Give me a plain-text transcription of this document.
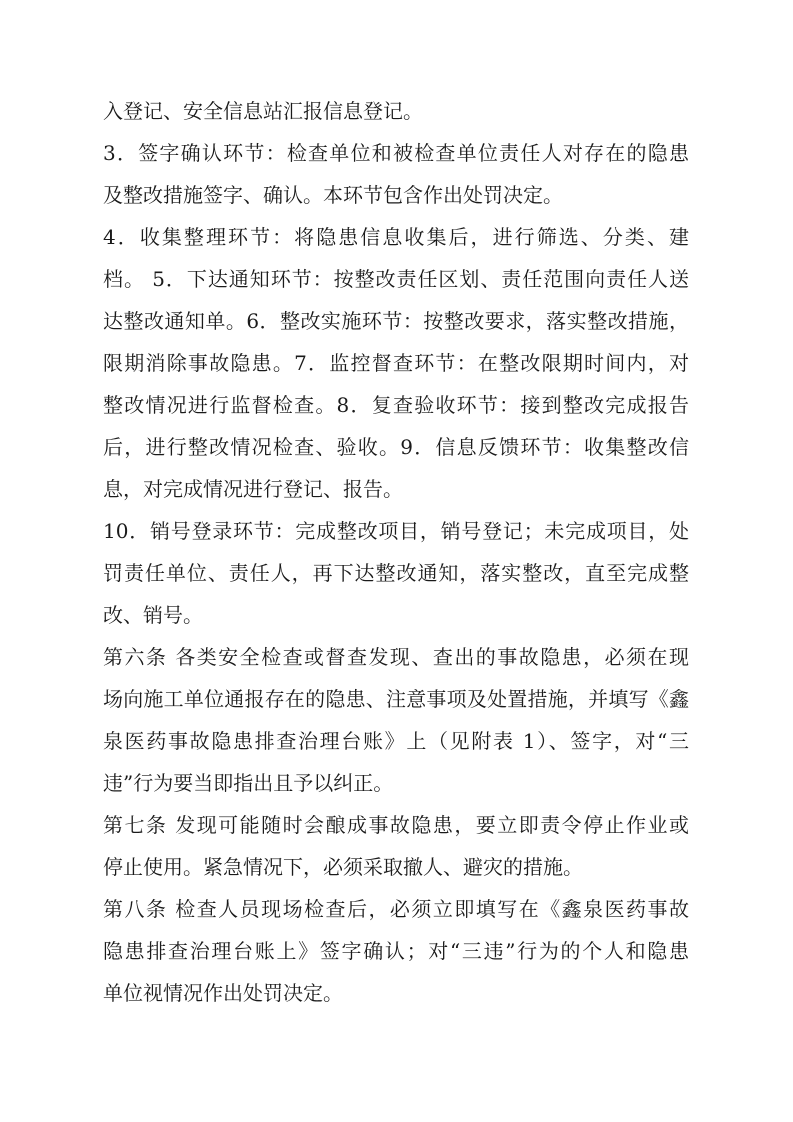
入登记、安全信息站汇报信息登记。
3．签字确认环节：检查单位和被检查单位责任人对存在的隐患
及整改措施签字、确认。本环节包含作出处罚决定。
4．收集整理环节：将隐患信息收集后，进行筛选、分类、建
档。 5．下达通知环节：按整改责任区划、责任范围向责任人送
达整改通知单。6．整改实施环节：按整改要求，落实整改措施，
限期消除事故隐患。7．监控督查环节：在整改限期时间内，对
整改情况进行监督检查。8．复查验收环节：接到整改完成报告
后，进行整改情况检查、验收。9．信息反馈环节：收集整改信
息，对完成情况进行登记、报告。
10．销号登录环节：完成整改项目，销号登记；未完成项目，处
罚责任单位、责任人，再下达整改通知，落实整改，直至完成整
改、销号。
第六条 各类安全检查或督查发现、查出的事故隐患，必须在现
场向施工单位通报存在的隐患、注意事项及处置措施，并填写《鑫
泉医药事故隐患排查治理台账》上（见附表 1）、签字，对“三
违”行为要当即指出且予以纠正。
第七条 发现可能随时会酿成事故隐患，要立即责令停止作业或
停止使用。紧急情况下，必须采取撤人、避灾的措施。
第八条 检查人员现场检查后，必须立即填写在《鑫泉医药事故
隐患排查治理台账上》签字确认；对“三违”行为的个人和隐患
单位视情况作出处罚决定。
